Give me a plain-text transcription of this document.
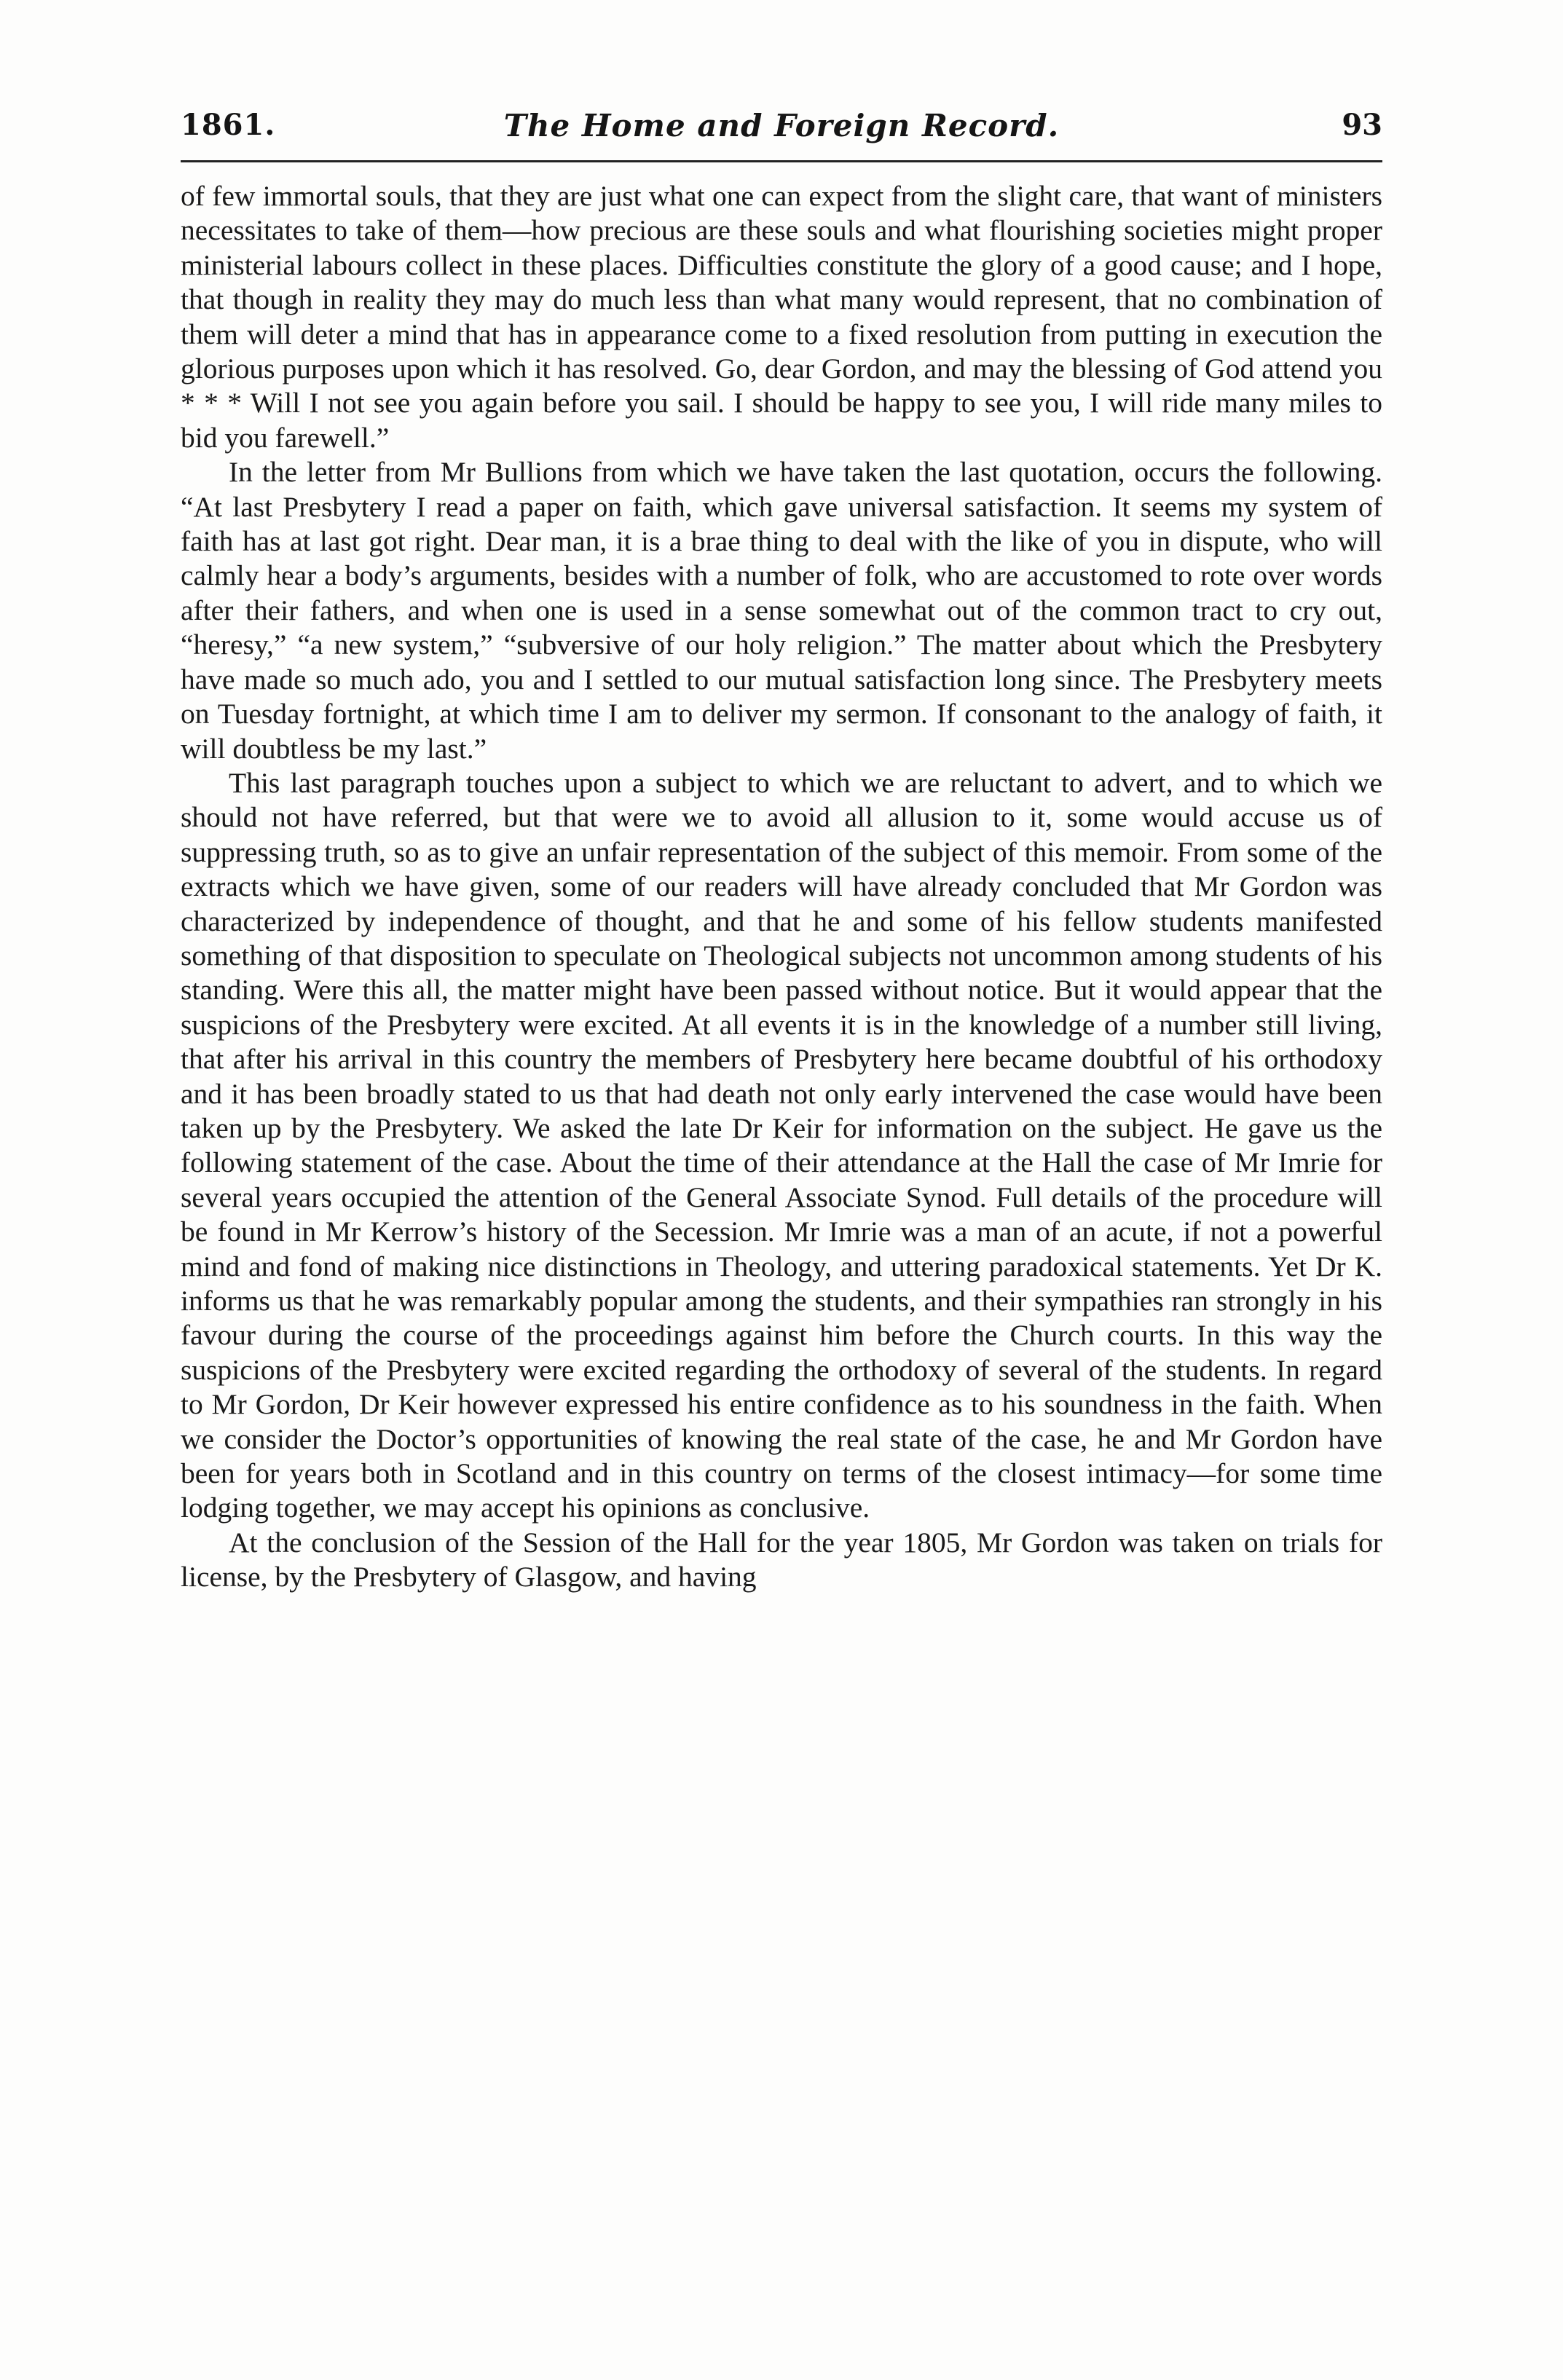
1861.	The Home and Foreign Record.	93

of few immortal souls, that they are just what one can expect from the slight care, that want of ministers necessitates to take of them—how precious are these souls and what flourishing societies might proper ministerial labours collect in these places. Difficulties constitute the glory of a good cause; and I hope, that though in reality they may do much less than what many would represent, that no combination of them will deter a mind that has in appearance come to a fixed resolution from putting in execution the glorious purposes upon which it has resolved. Go, dear Gordon, and may the blessing of God attend you * * * Will I not see you again before you sail. I should be happy to see you, I will ride many miles to bid you farewell.”

In the letter from Mr Bullions from which we have taken the last quotation, occurs the following. “At last Presbytery I read a paper on faith, which gave universal satisfaction. It seems my system of faith has at last got right. Dear man, it is a brae thing to deal with the like of you in dispute, who will calmly hear a body’s arguments, besides with a number of folk, who are accustomed to rote over words after their fathers, and when one is used in a sense somewhat out of the common tract to cry out, “heresy,” “a new system,” “subversive of our holy religion.” The matter about which the Presbytery have made so much ado, you and I settled to our mutual satisfaction long since. The Presbytery meets on Tuesday fortnight, at which time I am to deliver my sermon. If consonant to the analogy of faith, it will doubtless be my last.”

This last paragraph touches upon a subject to which we are reluctant to advert, and to which we should not have referred, but that were we to avoid all allusion to it, some would accuse us of suppressing truth, so as to give an unfair representation of the subject of this memoir. From some of the extracts which we have given, some of our readers will have already concluded that Mr Gordon was characterized by independence of thought, and that he and some of his fellow students manifested something of that disposition to speculate on Theological subjects not uncommon among students of his standing. Were this all, the matter might have been passed without notice. But it would appear that the suspicions of the Presbytery were excited. At all events it is in the knowledge of a number still living, that after his arrival in this country the members of Presbytery here became doubtful of his orthodoxy and it has been broadly stated to us that had death not only early intervened the case would have been taken up by the Presbytery. We asked the late Dr Keir for information on the subject. He gave us the following statement of the case. About the time of their attendance at the Hall the case of Mr Imrie for several years occupied the attention of the General Associate Synod. Full details of the procedure will be found in Mr Kerrow’s history of the Secession. Mr Imrie was a man of an acute, if not a powerful mind and fond of making nice distinctions in Theology, and uttering paradoxical statements. Yet Dr K. informs us that he was remarkably popular among the students, and their sympathies ran strongly in his favour during the course of the proceedings against him before the Church courts. In this way the suspicions of the Presbytery were excited regarding the orthodoxy of several of the students. In regard to Mr Gordon, Dr Keir however expressed his entire confidence as to his soundness in the faith. When we consider the Doctor’s opportunities of knowing the real state of the case, he and Mr Gordon have been for years both in Scotland and in this country on terms of the closest intimacy—for some time lodging together, we may accept his opinions as conclusive.

At the conclusion of the Session of the Hall for the year 1805, Mr Gordon was taken on trials for license, by the Presbytery of Glasgow, and having
